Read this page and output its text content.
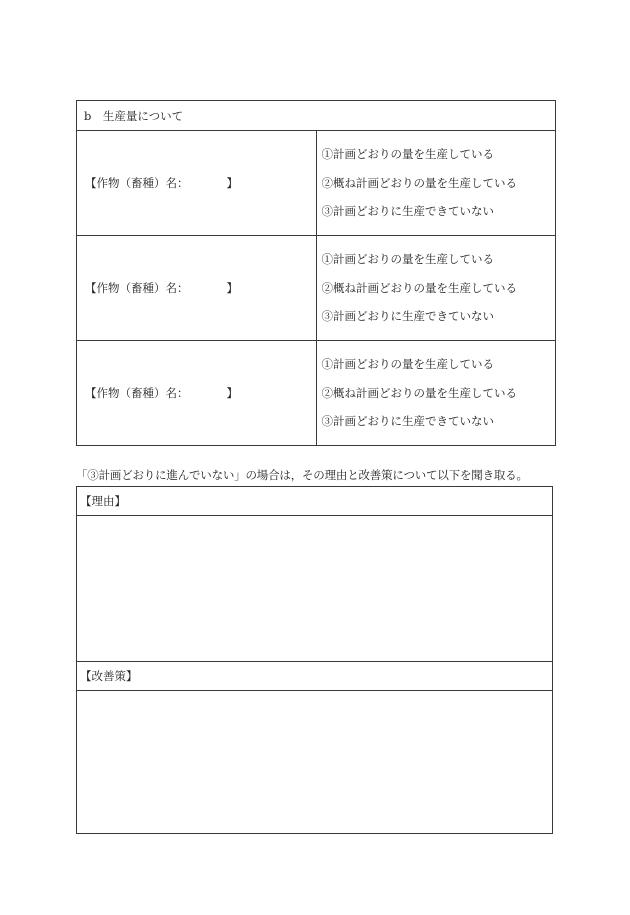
b　生産量について	
【作物（畜種）名： 】	①計画どおりの量を生産している
②概ね計画どおりの量を生産している
③計画どおりに生産できていない

【作物（畜種）名： 】	①計画どおりの量を生産している
②概ね計画どおりの量を生産している
③計画どおりに生産できていない

【作物（畜種）名： 】	①計画どおりの量を生産している
②概ね計画どおりの量を生産している
③計画どおりに生産できていない
「③計画どおりに進んでいない」の場合は，その理由と改善策について以下を聞き取る。
【理由】
【改善策】
